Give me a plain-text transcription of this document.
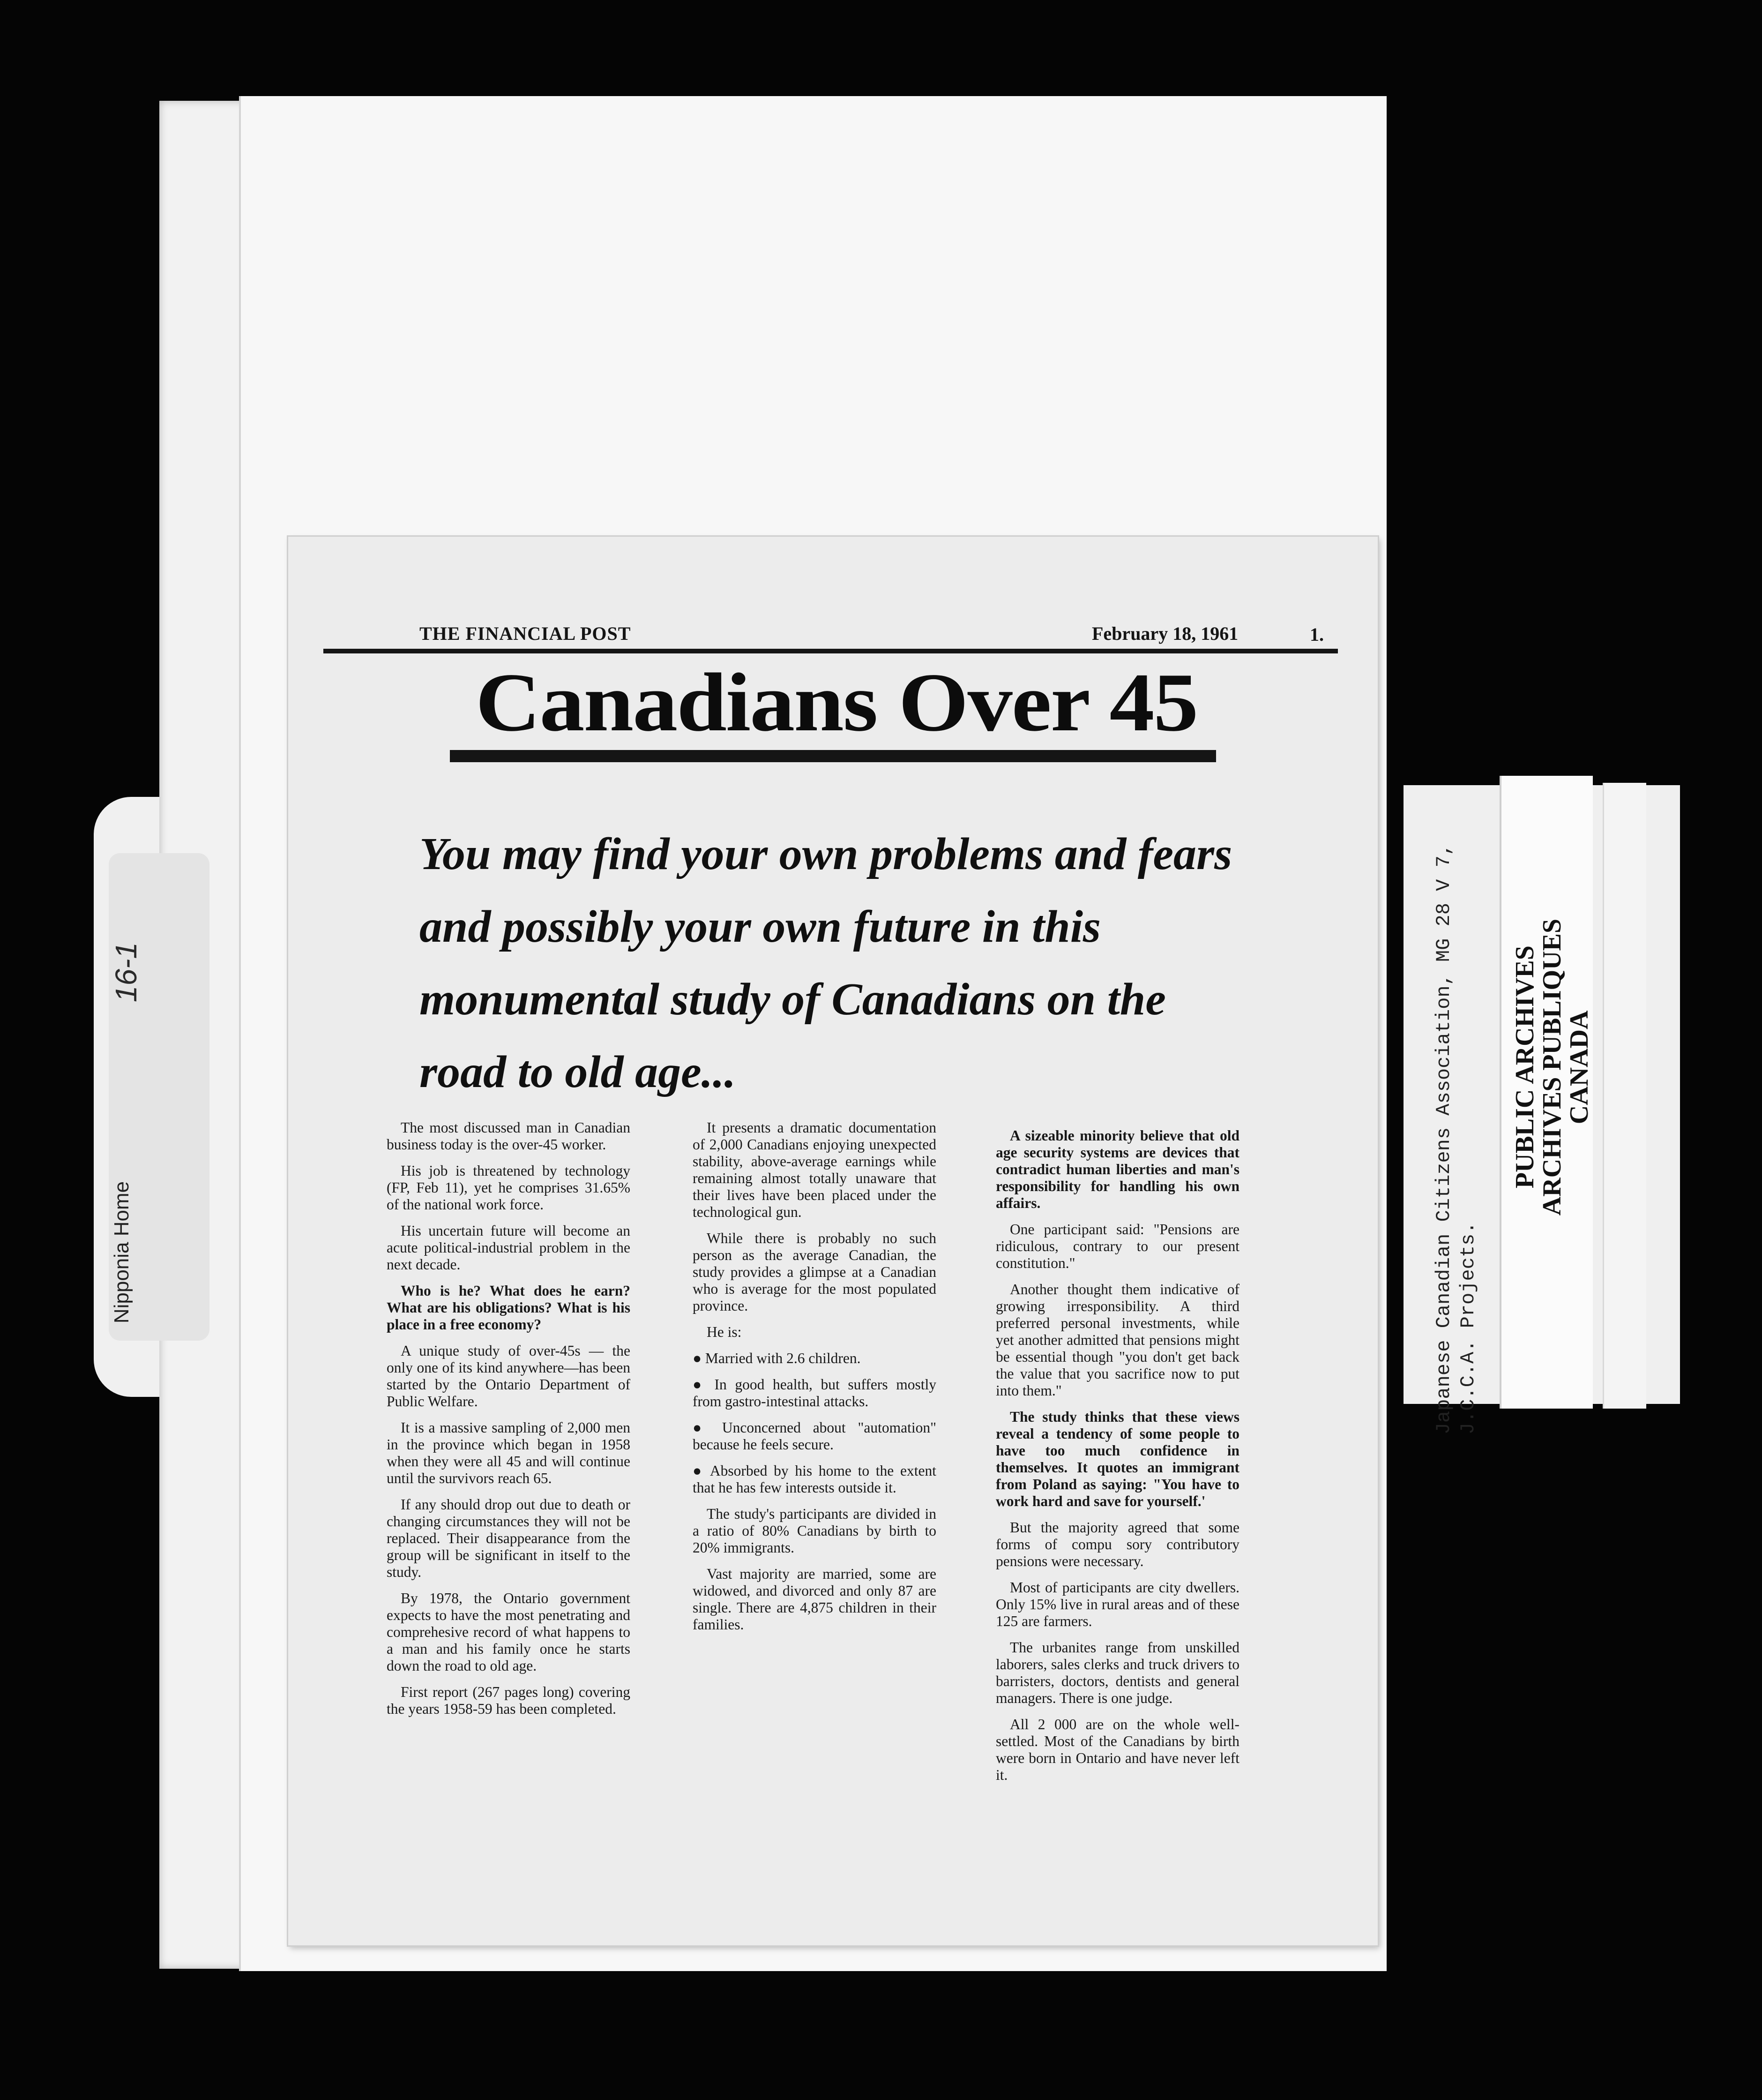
16-1
Nipponia Home
THE FINANCIAL POST	February 18, 1961	1.
Canadians Over 45
You may find your own problems and fears and possibly your own future in this monumental study of Canadians on the road to old age...

The most discussed man in Canadian business today is the over-45 worker.

His job is threatened by technology (FP, Feb 11), yet he comprises 31.65% of the national work force.

His uncertain future will become an acute political-industrial problem in the next decade.

Who is he? What does he earn? What are his obligations? What is his place in a free economy?

A unique study of over-45s — the only one of its kind anywhere—has been started by the Ontario Department of Public Welfare.

It is a massive sampling of 2,000 men in the province which began in 1958 when they were all 45 and will continue until the survivors reach 65.

If any should drop out due to death or changing circumstances they will not be replaced. Their disappearance from the group will be significant in itself to the study.

By 1978, the Ontario government expects to have the most penetrating and comprehesive record of what happens to a man and his family once he starts down the road to old age.

First report (267 pages long) covering the years 1958-59 has been completed.

It presents a dramatic documentation of 2,000 Canadians enjoying unexpected stability, above-average earnings while remaining almost totally unaware that their lives have been placed under the technological gun.

While there is probably no such person as the average Canadian, the study provides a glimpse at a Canadian who is average for the most populated province.

He is:

● Married with 2.6 children.

● In good health, but suffers mostly from gastro-intestinal attacks.

● Unconcerned about "automation" because he feels secure.

● Absorbed by his home to the extent that he has few interests outside it.

The study's participants are divided in a ratio of 80% Canadians by birth to 20% immigrants.

Vast majority are married, some are widowed, and divorced and only 87 are single. There are 4,875 children in their families.

A sizeable minority believe that old age security systems are devices that contradict human liberties and man's responsibility for handling his own affairs.

One participant said: "Pensions are ridiculous, contrary to our present constitution."

Another thought them indicative of growing irresponsibility. A third preferred personal investments, while yet another admitted that pensions might be essential though "you don't get back the value that you sacrifice now to put into them."

The study thinks that these views reveal a tendency of some people to have too much confidence in themselves. It quotes an immigrant from Poland as saying: "You have to work hard and save for yourself.'

But the majority agreed that some forms of compu sory contributory pensions were necessary.

Most of participants are city dwellers. Only 15% live in rural areas and of these 125 are farmers.

The urbanites range from unskilled laborers, sales clerks and truck drivers to barristers, doctors, dentists and general managers. There is one judge.

All 2 000 are on the whole well-settled. Most of the Canadians by birth were born in Ontario and have never left it.

Japanese Canadian Citizens Association, MG 28 V 7,
J.C.C.A. Projects.
PUBLIC ARCHIVES
ARCHIVES PUBLIQUES
CANADA
